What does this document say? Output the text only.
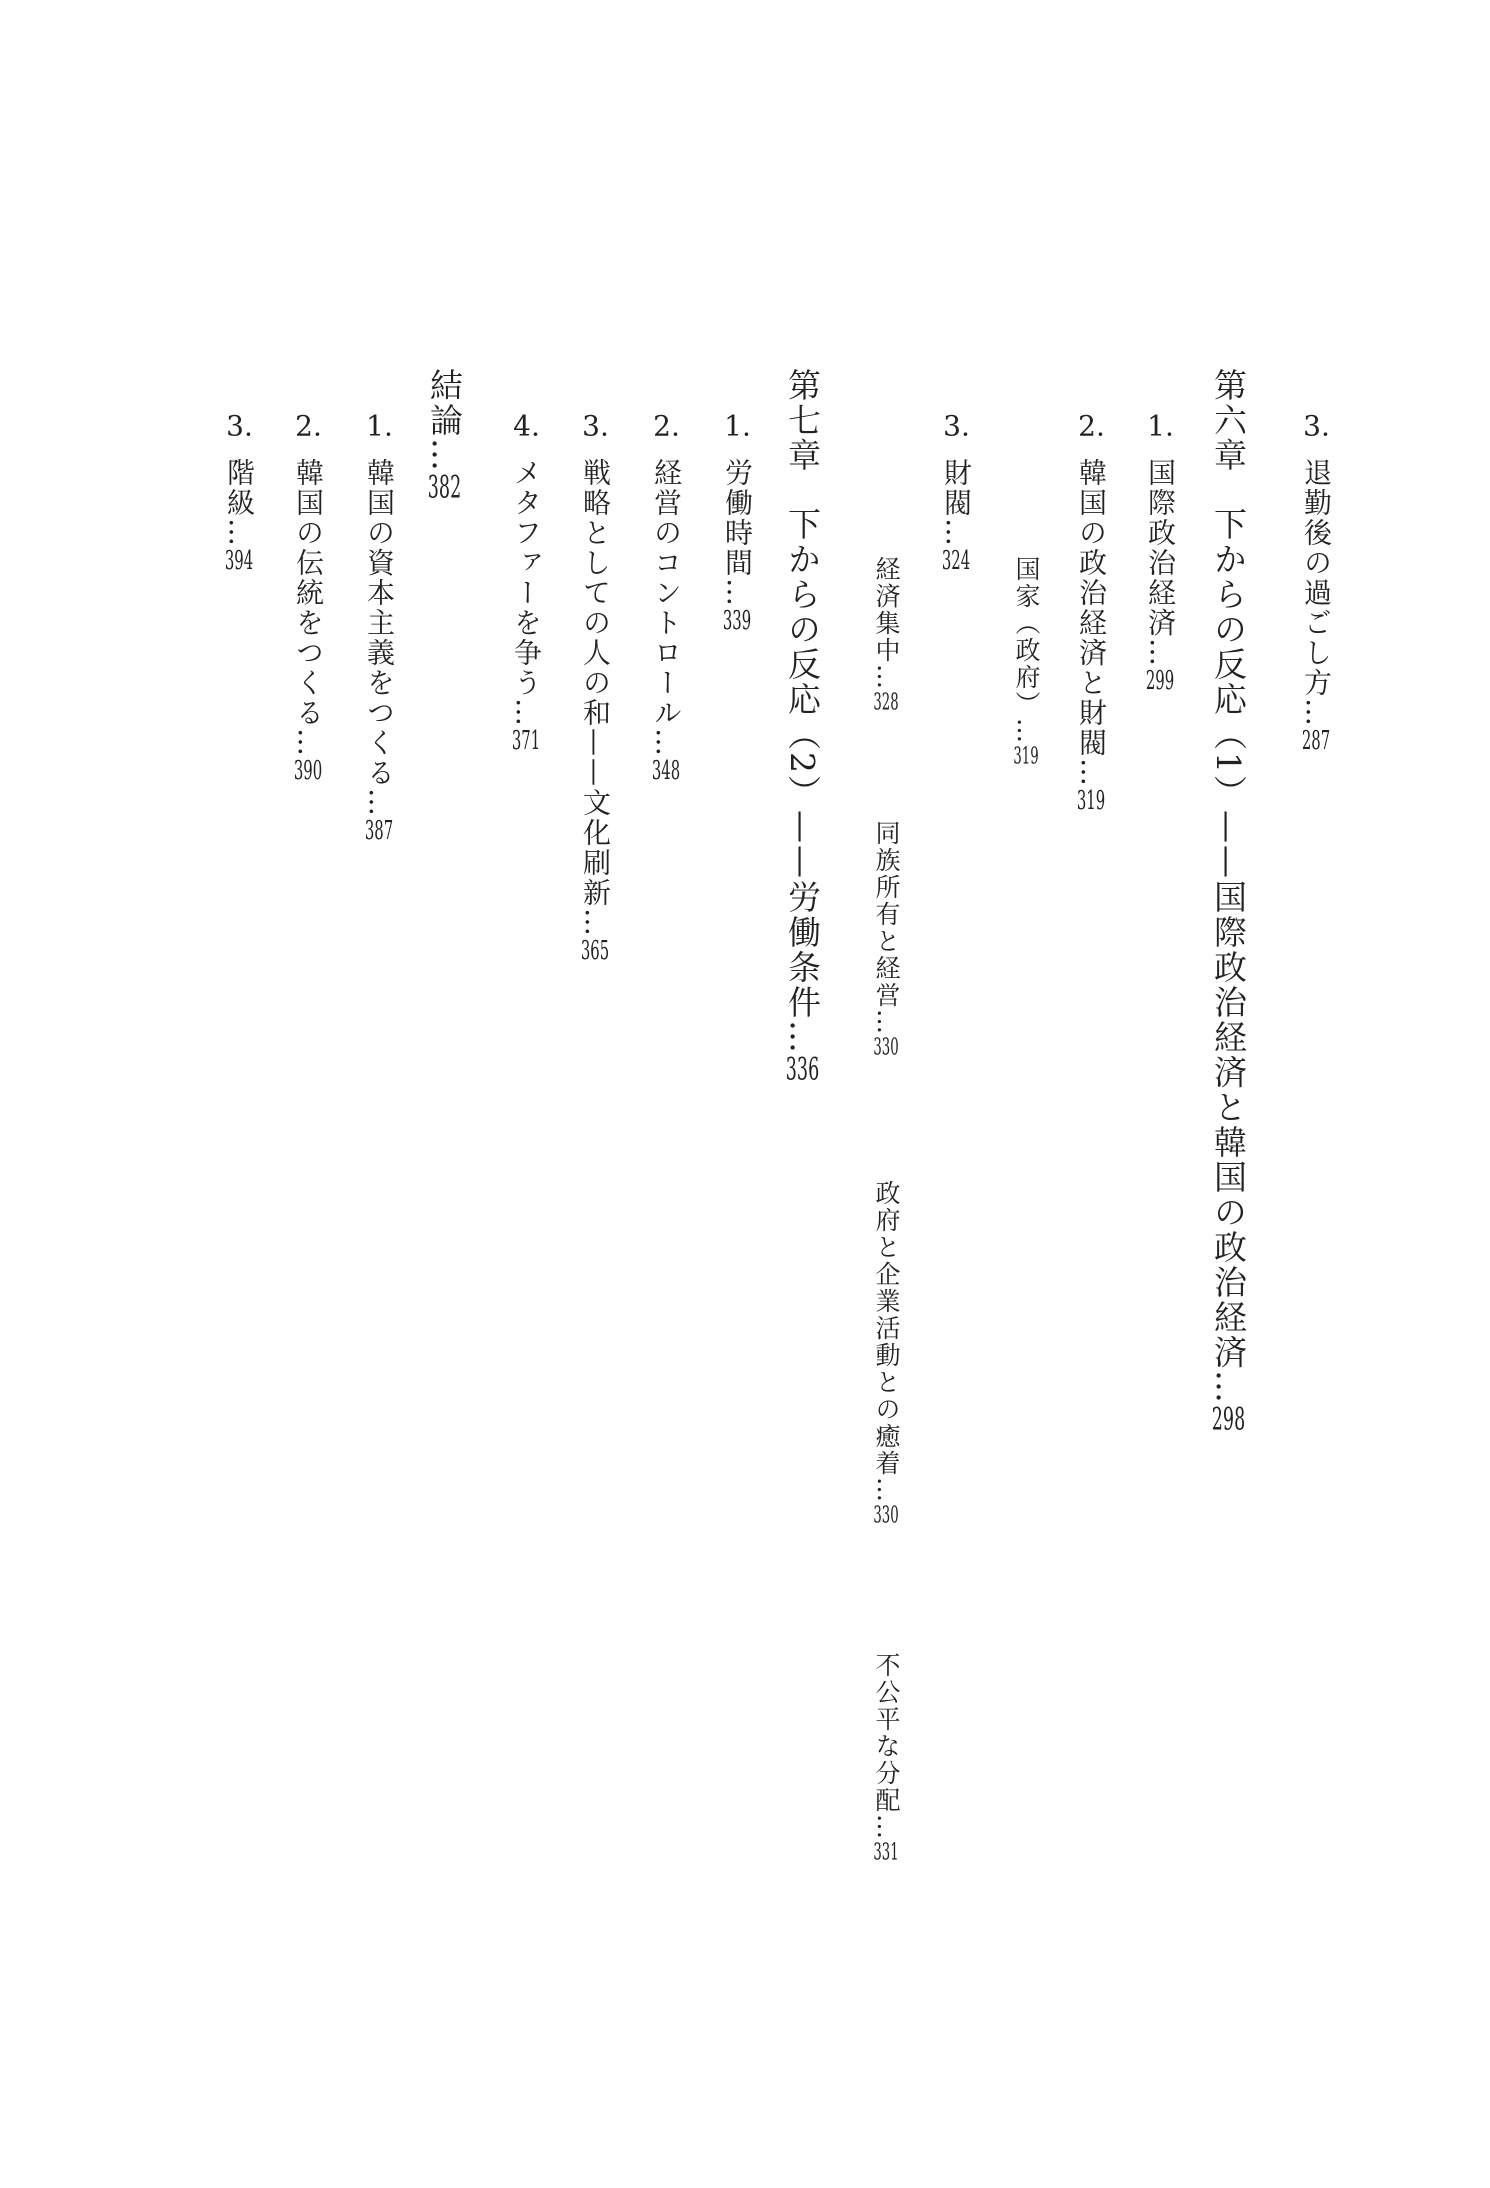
3.退勤後の過ごし方…287
第六章下からの反応（1）——国際政治経済と韓国の政治経済…298
1.国際政治経済…299
2.韓国の政治経済と財閥…319
国家（政府）…319
3.財閥…324
経済集中…328
同族所有と経営…330
政府と企業活動との癒着…330
不公平な分配…331
第七章下からの反応（2）——労働条件…336
1.労働時間…339
2.経営のコントロール…348
3.戦略としての人の和——文化刷新…365
4.メタファーを争う…371
結論…382
1.韓国の資本主義をつくる…387
2.韓国の伝統をつくる…390
3.階級…394
